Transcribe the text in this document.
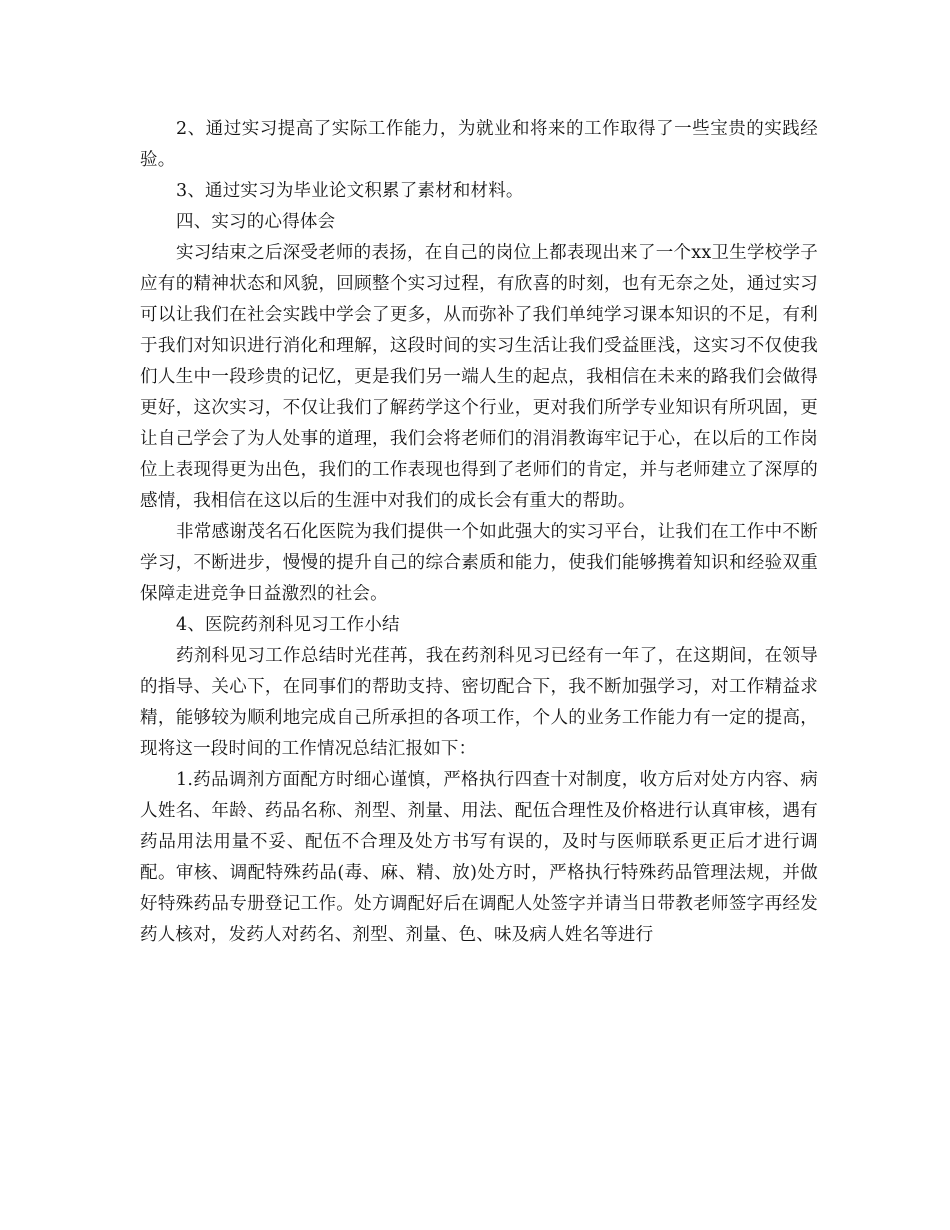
2、通过实习提高了实际工作能力，为就业和将来的工作取得了一些宝贵的实践经验。

3、通过实习为毕业论文积累了素材和材料。

四、实习的心得体会

实习结束之后深受老师的表扬，在自己的岗位上都表现出来了一个xx卫生学校学子应有的精神状态和风貌，回顾整个实习过程，有欣喜的时刻，也有无奈之处，通过实习可以让我们在社会实践中学会了更多，从而弥补了我们单纯学习课本知识的不足，有利于我们对知识进行消化和理解，这段时间的实习生活让我们受益匪浅，这实习不仅使我们人生中一段珍贵的记忆，更是我们另一端人生的起点，我相信在未来的路我们会做得更好，这次实习，不仅让我们了解药学这个行业，更对我们所学专业知识有所巩固，更让自己学会了为人处事的道理，我们会将老师们的涓涓教诲牢记于心，在以后的工作岗位上表现得更为出色，我们的工作表现也得到了老师们的肯定，并与老师建立了深厚的感情，我相信在这以后的生涯中对我们的成长会有重大的帮助。

非常感谢茂名石化医院为我们提供一个如此强大的实习平台，让我们在工作中不断学习，不断进步，慢慢的提升自己的综合素质和能力，使我们能够携着知识和经验双重保障走进竞争日益激烈的社会。

4、医院药剂科见习工作小结

药剂科见习工作总结时光荏苒，我在药剂科见习已经有一年了，在这期间，在领导的指导、关心下，在同事们的帮助支持、密切配合下，我不断加强学习，对工作精益求精，能够较为顺利地完成自己所承担的各项工作，个人的业务工作能力有一定的提高，现将这一段时间的工作情况总结汇报如下：

1.药品调剂方面配方时细心谨慎，严格执行四查十对制度，收方后对处方内容、病人姓名、年龄、药品名称、剂型、剂量、用法、配伍合理性及价格进行认真审核，遇有药品用法用量不妥、配伍不合理及处方书写有误的，及时与医师联系更正后才进行调配。审核、调配特殊药品(毒、麻、精、放)处方时，严格执行特殊药品管理法规，并做好特殊药品专册登记工作。处方调配好后在调配人处签字并请当日带教老师签字再经发药人核对，发药人对药名、剂型、剂量、色、味及病人姓名等进行
